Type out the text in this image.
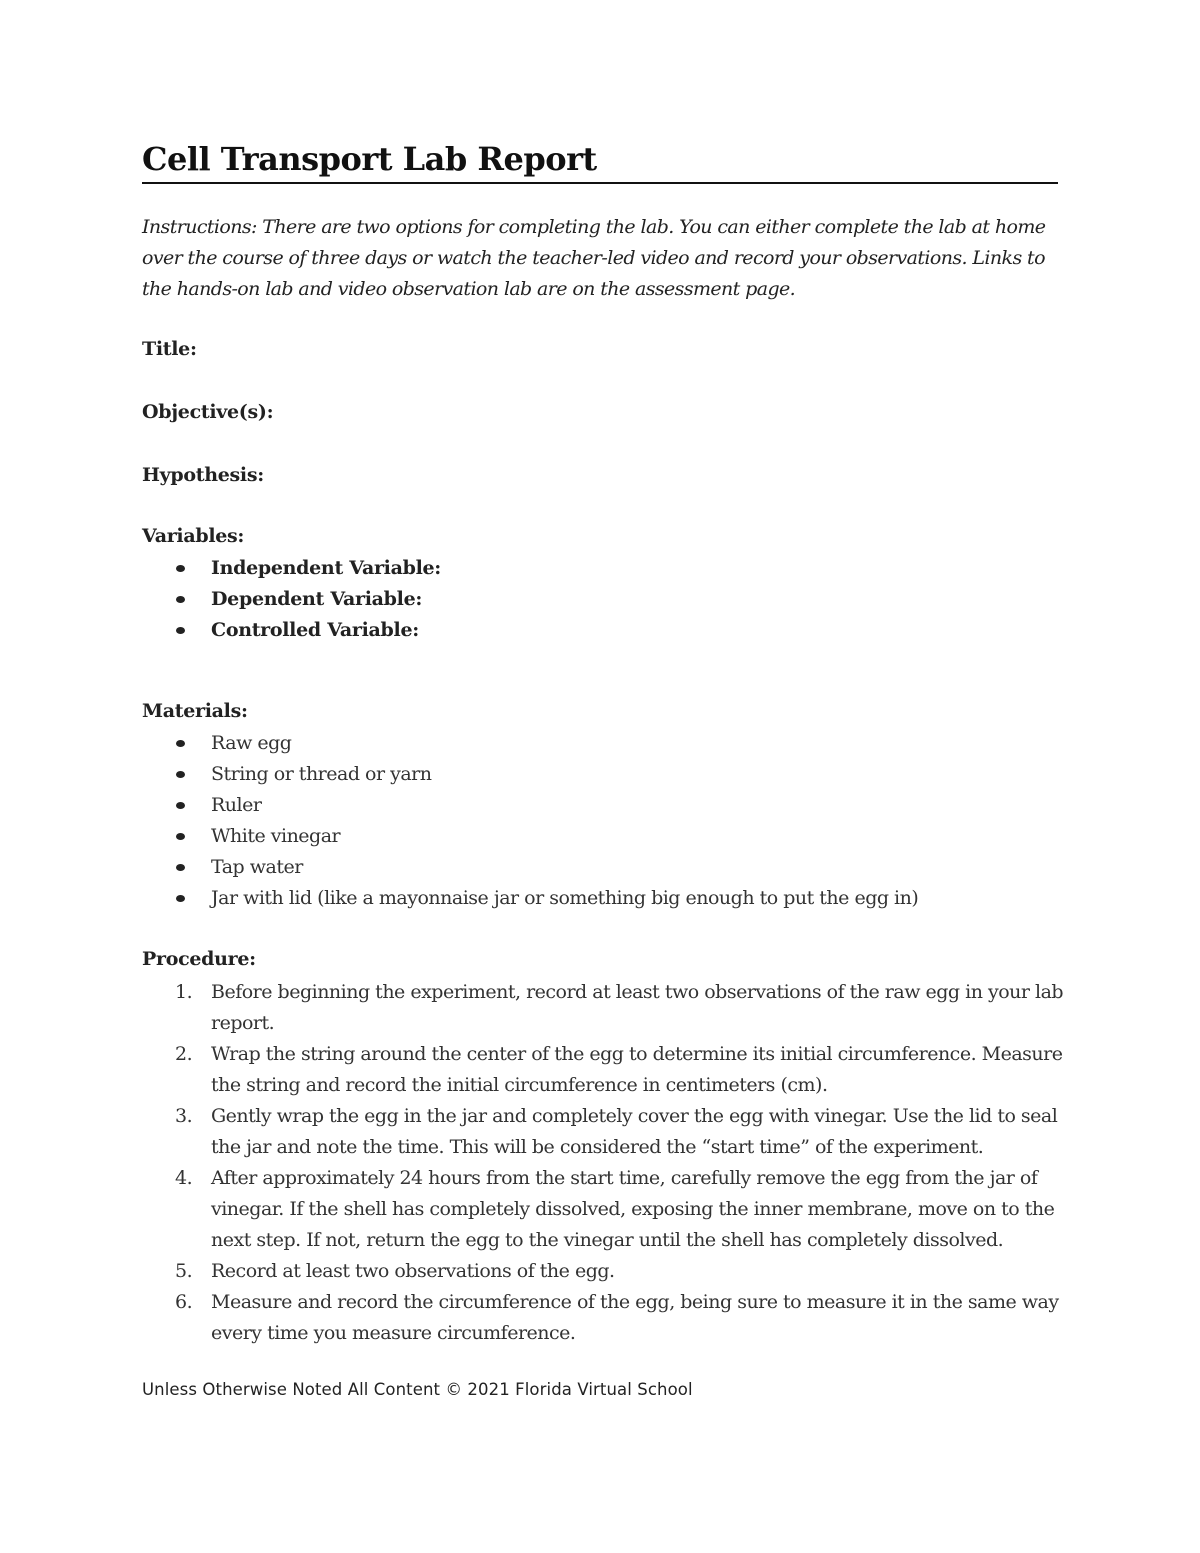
Cell Transport Lab Report

Instructions: There are two options for completing the lab. You can either complete the lab at home over the course of three days or watch the teacher-led video and record your observations. Links to the hands-on lab and video observation lab are on the assessment page.

Title:

Objective(s):

Hypothesis:

Variables:

Independent Variable:
Dependent Variable:
Controlled Variable:

Materials:

Raw egg
String or thread or yarn
Ruler
White vinegar
Tap water
Jar with lid (like a mayonnaise jar or something big enough to put the egg in)

Procedure:

1. Before beginning the experiment, record at least two observations of the raw egg in your lab report.
2. Wrap the string around the center of the egg to determine its initial circumference. Measure the string and record the initial circumference in centimeters (cm).
3. Gently wrap the egg in the jar and completely cover the egg with vinegar. Use the lid to seal the jar and note the time. This will be considered the “start time” of the experiment.
4. After approximately 24 hours from the start time, carefully remove the egg from the jar of vinegar. If the shell has completely dissolved, exposing the inner membrane, move on to the next step. If not, return the egg to the vinegar until the shell has completely dissolved.
5. Record at least two observations of the egg.
6. Measure and record the circumference of the egg, being sure to measure it in the same way every time you measure circumference.
Unless Otherwise Noted All Content © 2021 Florida Virtual School
